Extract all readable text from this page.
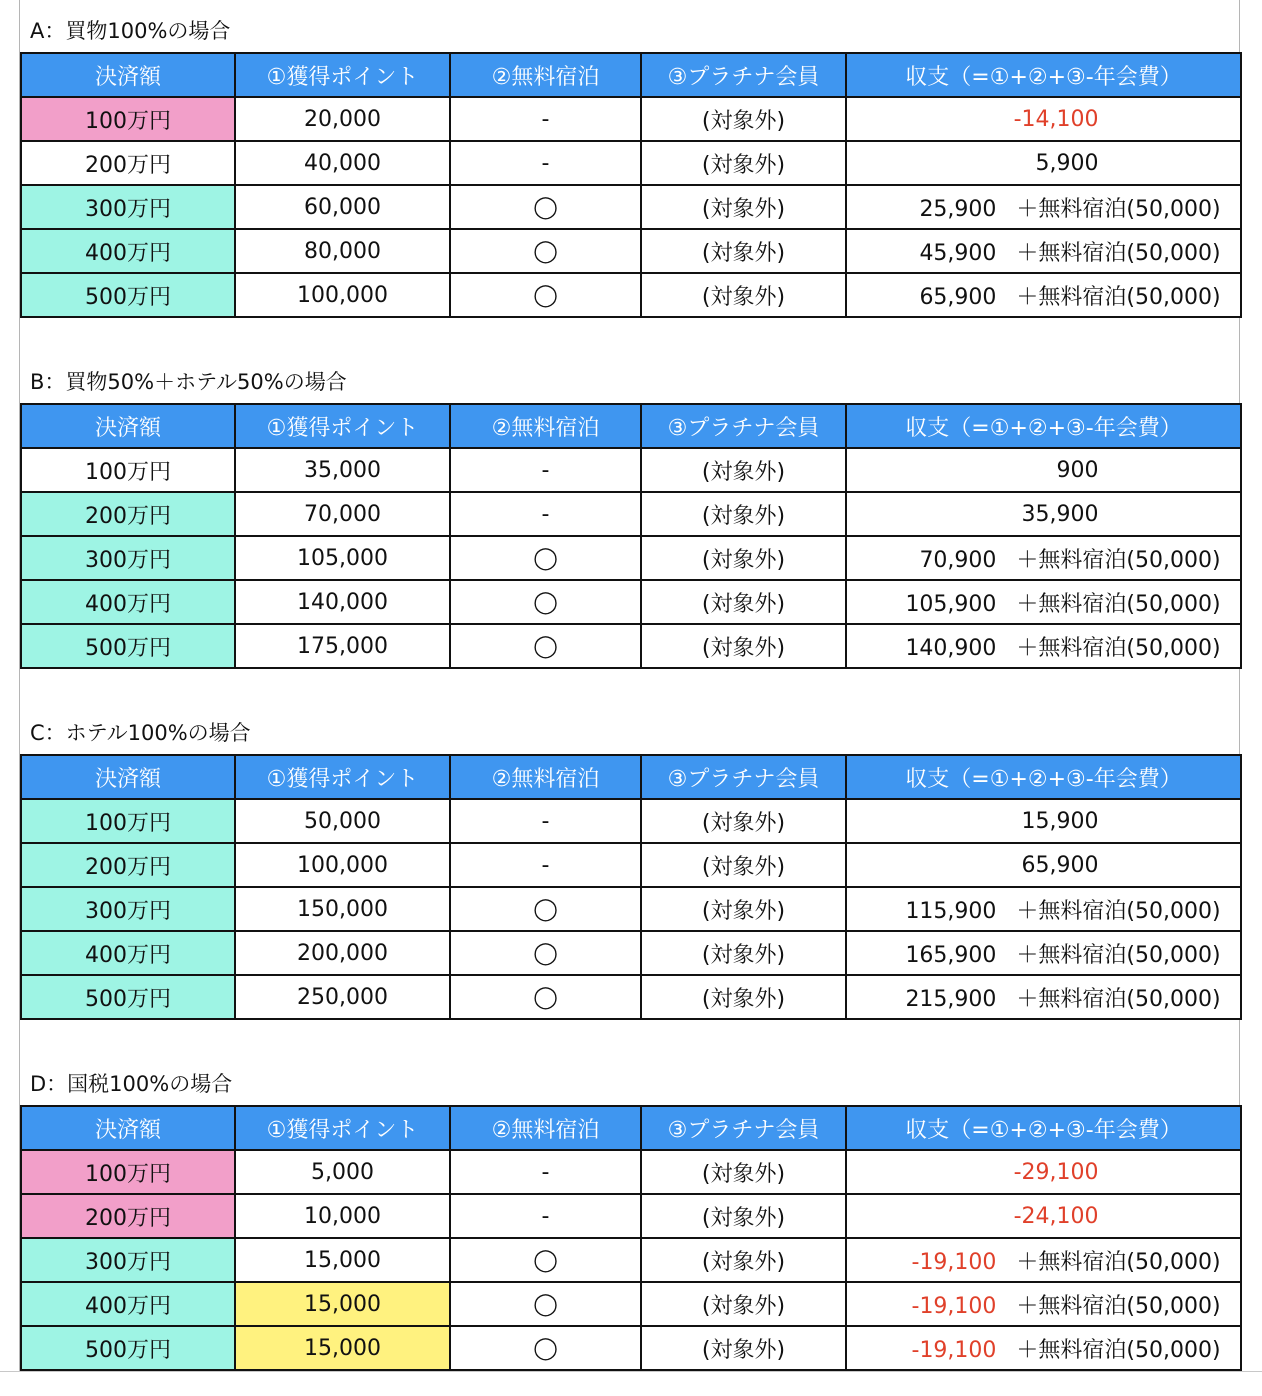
A：買物100%の場合
決済額	①獲得ポイント	②無料宿泊	③プラチナ会員	収支（=①+②+③-年会費）
100万円	20,000	-	(対象外)	-14,100
200万円	40,000	-	(対象外)	5,900
300万円	60,000	◯	(対象外)	25,900 ＋無料宿泊(50,000)
400万円	80,000	◯	(対象外)	45,900 ＋無料宿泊(50,000)
500万円	100,000	◯	(対象外)	65,900 ＋無料宿泊(50,000)
B：買物50%＋ホテル50%の場合
決済額	①獲得ポイント	②無料宿泊	③プラチナ会員	収支（=①+②+③-年会費）
100万円	35,000	-	(対象外)	900
200万円	70,000	-	(対象外)	35,900
300万円	105,000	◯	(対象外)	70,900 ＋無料宿泊(50,000)
400万円	140,000	◯	(対象外)	105,900 ＋無料宿泊(50,000)
500万円	175,000	◯	(対象外)	140,900 ＋無料宿泊(50,000)
C：ホテル100%の場合
決済額	①獲得ポイント	②無料宿泊	③プラチナ会員	収支（=①+②+③-年会費）
100万円	50,000	-	(対象外)	15,900
200万円	100,000	-	(対象外)	65,900
300万円	150,000	◯	(対象外)	115,900 ＋無料宿泊(50,000)
400万円	200,000	◯	(対象外)	165,900 ＋無料宿泊(50,000)
500万円	250,000	◯	(対象外)	215,900 ＋無料宿泊(50,000)
D：国税100%の場合
決済額	①獲得ポイント	②無料宿泊	③プラチナ会員	収支（=①+②+③-年会費）
100万円	5,000	-	(対象外)	-29,100
200万円	10,000	-	(対象外)	-24,100
300万円	15,000	◯	(対象外)	-19,100 ＋無料宿泊(50,000)
400万円	15,000	◯	(対象外)	-19,100 ＋無料宿泊(50,000)
500万円	15,000	◯	(対象外)	-19,100 ＋無料宿泊(50,000)
